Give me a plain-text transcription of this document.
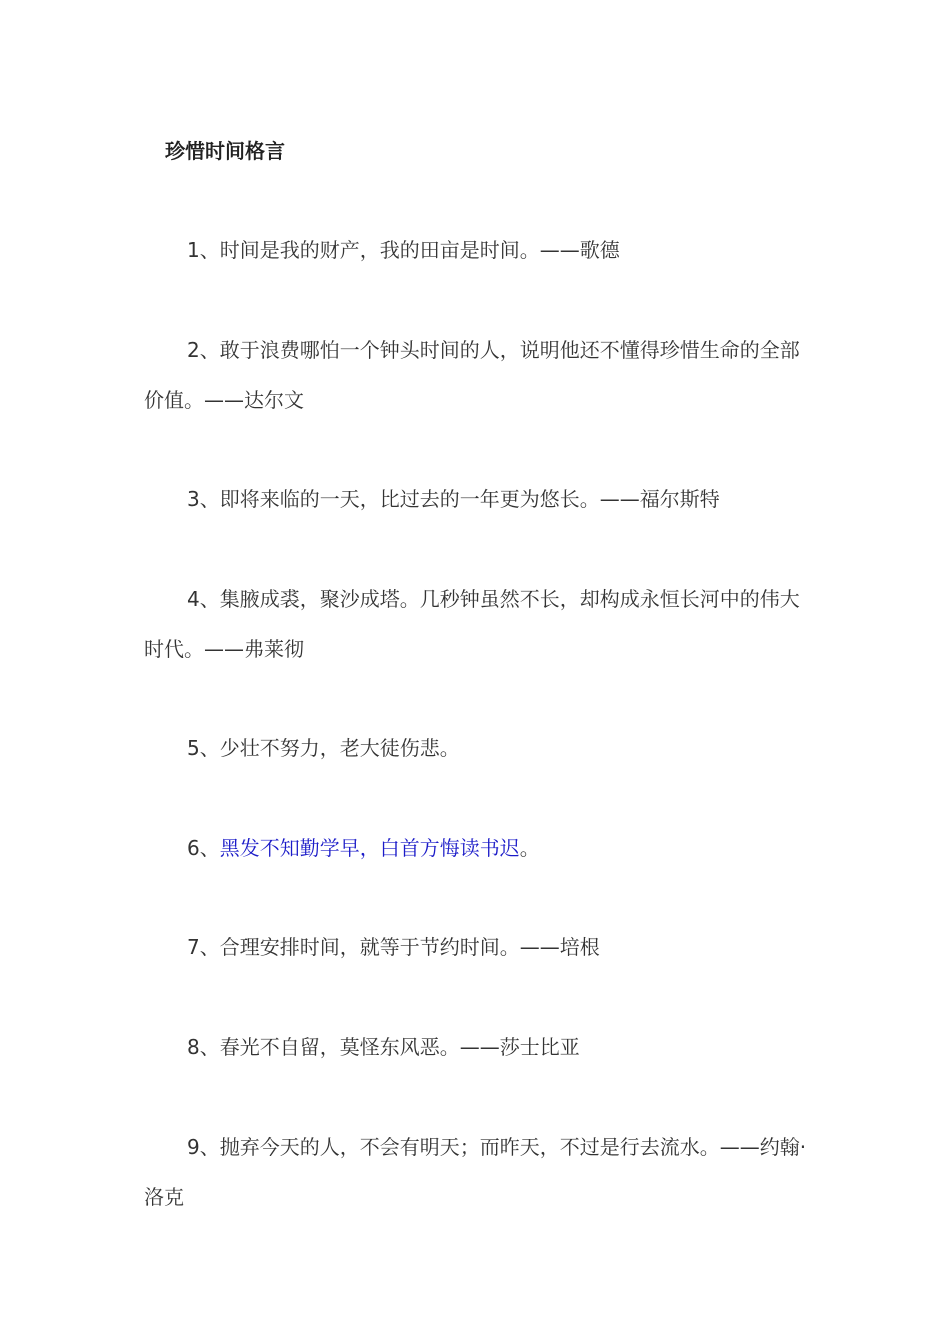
珍惜时间格言

1、时间是我的财产，我的田亩是时间。——歌德

2、敢于浪费哪怕一个钟头时间的人，说明他还不懂得珍惜生命的全部价值。——达尔文

3、即将来临的一天，比过去的一年更为悠长。——福尔斯特

4、集腋成裘，聚沙成塔。几秒钟虽然不长，却构成永恒长河中的伟大时代。——弗莱彻

5、少壮不努力，老大徒伤悲。

6、黑发不知勤学早，白首方悔读书迟。

7、合理安排时间，就等于节约时间。——培根

8、春光不自留，莫怪东风恶。——莎士比亚

9、抛弃今天的人，不会有明天；而昨天，不过是行去流水。——约翰·洛克
